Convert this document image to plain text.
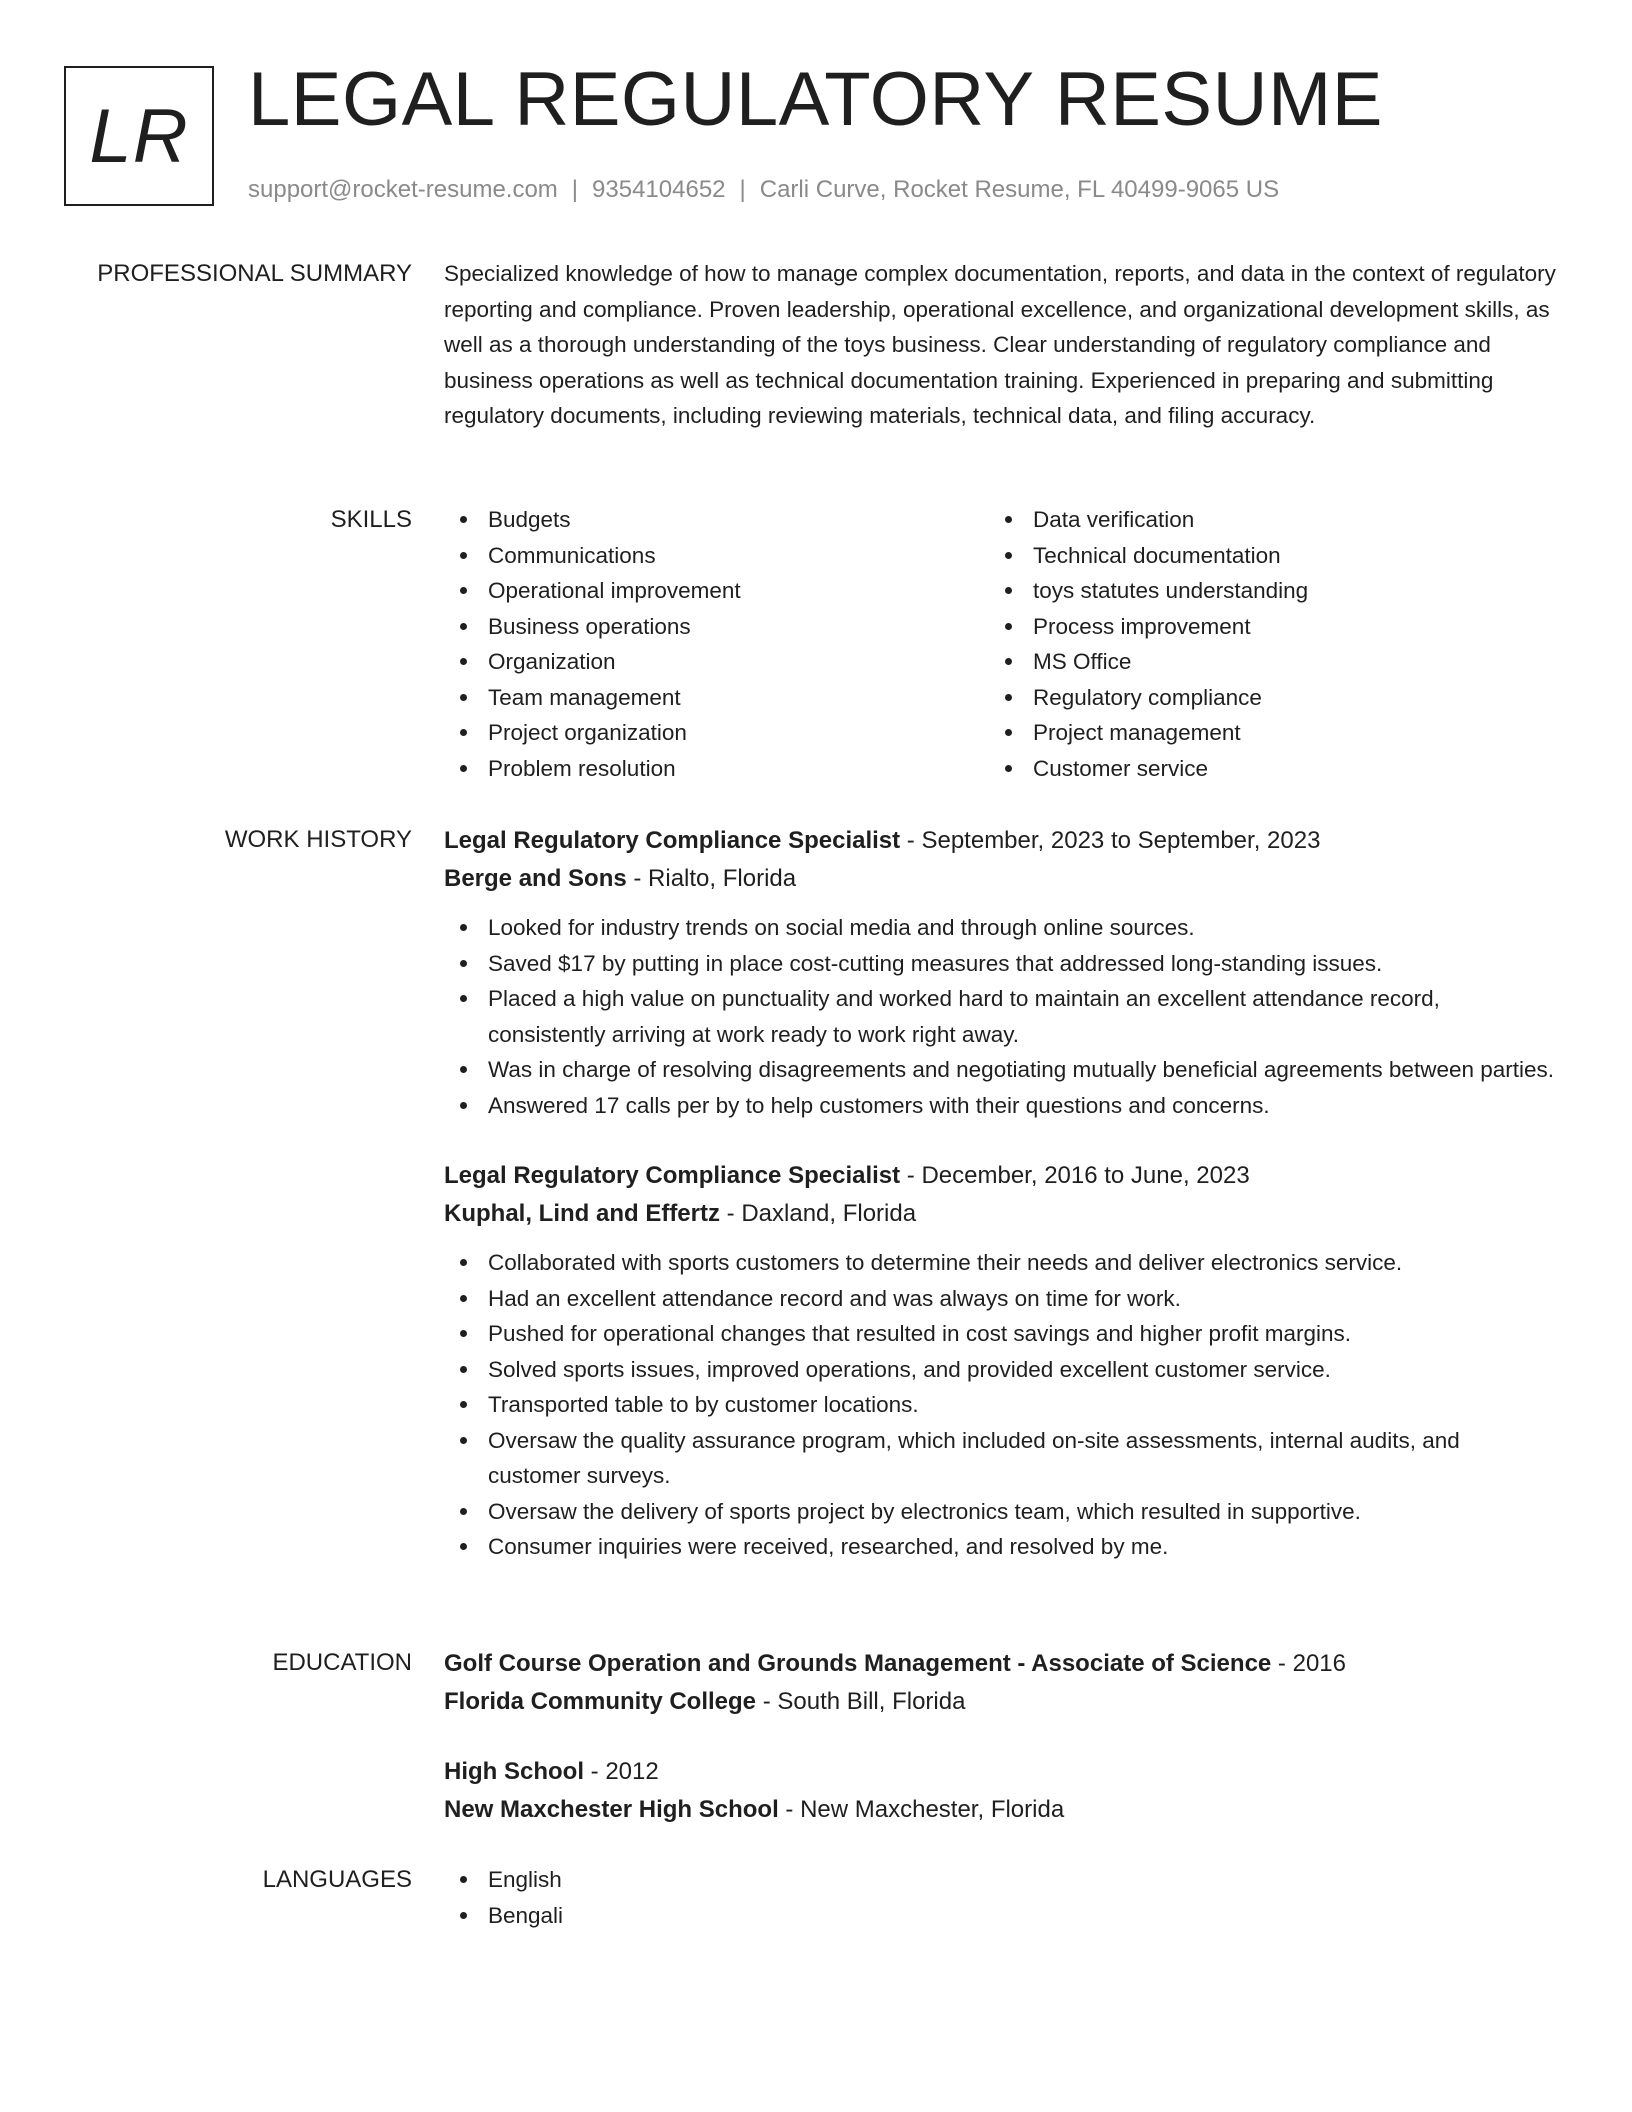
LR LEGAL REGULATORY RESUME
support@rocket-resume.com | 9354104652 | Carli Curve, Rocket Resume, FL 40499-9065 US
PROFESSIONAL SUMMARY Specialized knowledge of how to manage complex documentation, reports, and data in the context of regulatory reporting and compliance. Proven leadership, operational excellence, and organizational development skills, as well as a thorough understanding of the toys business. Clear understanding of regulatory compliance and business operations as well as technical documentation training. Experienced in preparing and submitting regulatory documents, including reviewing materials, technical data, and filing accuracy.

SKILLS	Budgets
Communications
Operational improvement
Business operations
Organization
Team management
Project organization
Problem resolution
Data verification
Technical documentation
toys statutes understanding
Process improvement
MS Office
Regulatory compliance
Project management
Customer service
WORK HISTORY Legal Regulatory Compliance Specialist - September, 2023 to September, 2023
Berge and Sons - Rialto, Florida
Looked for industry trends on social media and through online sources.
Saved $17 by putting in place cost-cutting measures that addressed long-standing issues.
Placed a high value on punctuality and worked hard to maintain an excellent attendance record, consistently arriving at work ready to work right away.
Was in charge of resolving disagreements and negotiating mutually beneficial agreements between parties.
Answered 17 calls per by to help customers with their questions and concerns.
Legal Regulatory Compliance Specialist - December, 2016 to June, 2023
Kuphal, Lind and Effertz - Daxland, Florida
Collaborated with sports customers to determine their needs and deliver electronics service.
Had an excellent attendance record and was always on time for work.
Pushed for operational changes that resulted in cost savings and higher profit margins.
Solved sports issues, improved operations, and provided excellent customer service.
Transported table to by customer locations.
Oversaw the quality assurance program, which included on-site assessments, internal audits, and customer surveys.
Oversaw the delivery of sports project by electronics team, which resulted in supportive.
Consumer inquiries were received, researched, and resolved by me.
EDUCATION Golf Course Operation and Grounds Management - Associate of Science - 2016
Florida Community College - South Bill, Florida
High School - 2012
New Maxchester High School - New Maxchester, Florida
LANGUAGES	English
Bengali
